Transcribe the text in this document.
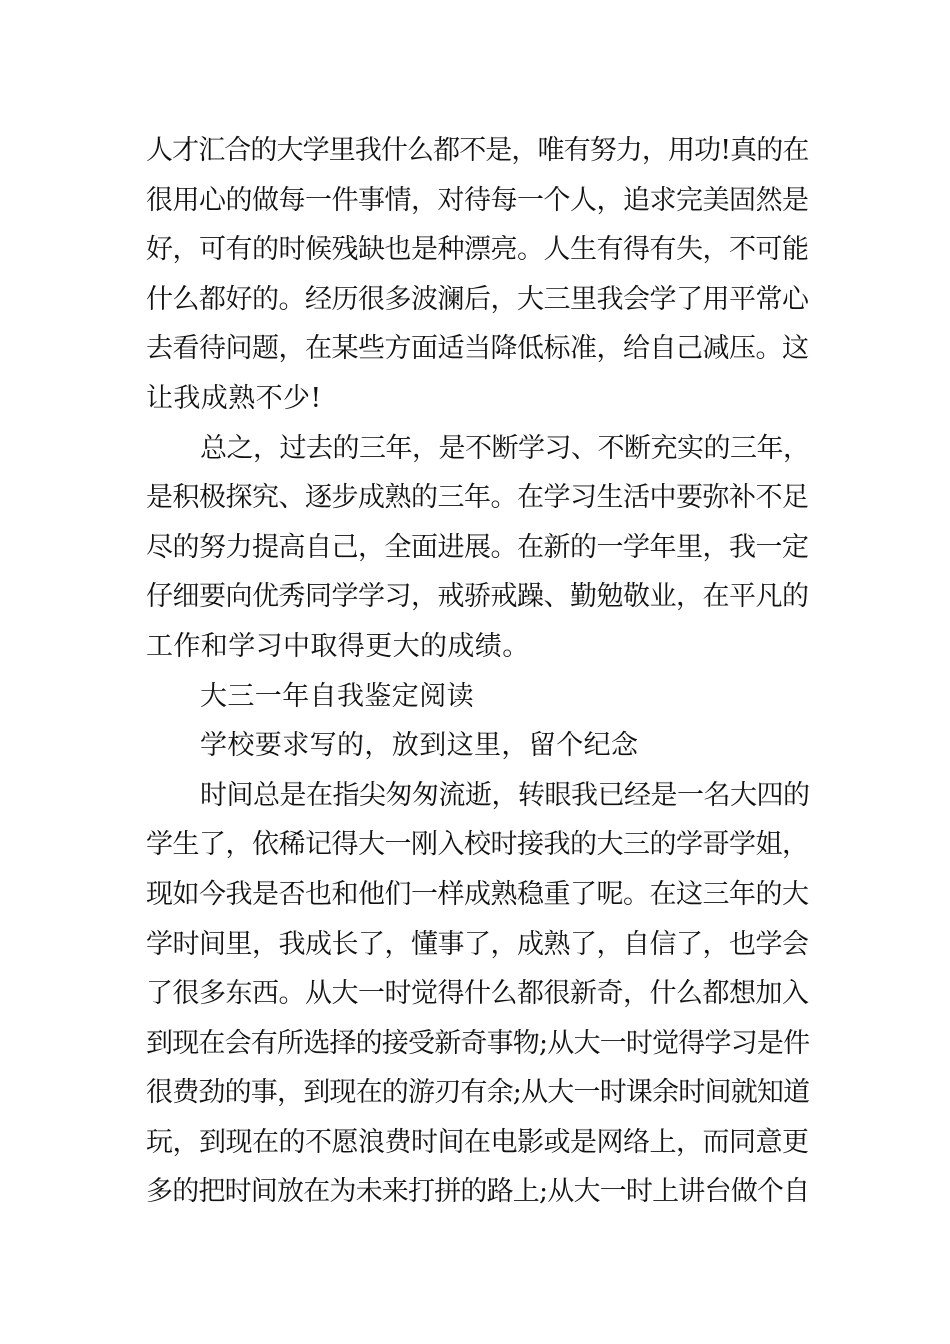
人才汇合的大学里我什么都不是，唯有努力，用功!真的在
很用心的做每一件事情，对待每一个人，追求完美固然是
好，可有的时候残缺也是种漂亮。人生有得有失，不可能
什么都好的。经历很多波澜后，大三里我会学了用平常心
去看待问题，在某些方面适当降低标准，给自己减压。这
让我成熟不少!
总之，过去的三年，是不断学习、不断充实的三年，
是积极探究、逐步成熟的三年。在学习生活中要弥补不足
尽的努力提高自己，全面进展。在新的一学年里，我一定
仔细要向优秀同学学习，戒骄戒躁、勤勉敬业，在平凡的
工作和学习中取得更大的成绩。
大三一年自我鉴定阅读
学校要求写的，放到这里，留个纪念
时间总是在指尖匆匆流逝，转眼我已经是一名大四的
学生了，依稀记得大一刚入校时接我的大三的学哥学姐，
现如今我是否也和他们一样成熟稳重了呢。在这三年的大
学时间里，我成长了，懂事了，成熟了，自信了，也学会
了很多东西。从大一时觉得什么都很新奇，什么都想加入
到现在会有所选择的接受新奇事物;从大一时觉得学习是件
很费劲的事，到现在的游刃有余;从大一时课余时间就知道
玩，到现在的不愿浪费时间在电影或是网络上，而同意更
多的把时间放在为未来打拼的路上;从大一时上讲台做个自
